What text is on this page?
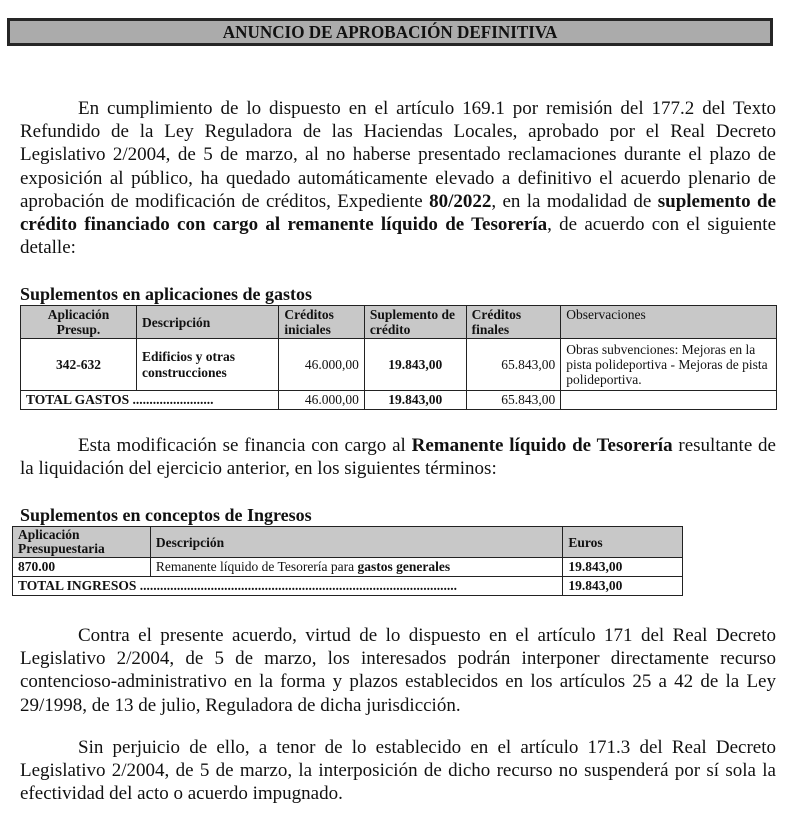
ANUNCIO DE APROBACIÓN DEFINITIVA

En cumplimiento de lo dispuesto en el artículo 169.1 por remisión del 177.2 del Texto Refundido de la Ley Reguladora de las Haciendas Locales, aprobado por el Real Decreto Legislativo 2/2004, de 5 de marzo, al no haberse presentado reclamaciones durante el plazo de exposición al público, ha quedado automáticamente elevado a definitivo el acuerdo plenario de aprobación de modificación de créditos, Expediente 80/2022, en la modalidad de suplemento de crédito financiado con cargo al remanente líquido de Tesorería, de acuerdo con el siguiente detalle:

Suplementos en aplicaciones de gastos

Aplicación Presup.	Descripción	Créditos iniciales	Suplemento de crédito	Créditos finales	Observaciones
342-632	Edificios y otras construcciones	46.000,00	19.843,00	65.843,00	Obras subvenciones: Mejoras en la pista polideportiva - Mejoras de pista polideportiva.
TOTAL GASTOS ........................		46.000,00	19.843,00	65.843,00	

Esta modificación se financia con cargo al Remanente líquido de Tesorería resultante de la liquidación del ejercicio anterior, en los siguientes términos:

Suplementos en conceptos de Ingresos

Aplicación Presupuestaria	Descripción	Euros
870.00	Remanente líquido de Tesorería para gastos generales	19.843,00
TOTAL INGRESOS ..............................................................................................		19.843,00

Contra el presente acuerdo, virtud de lo dispuesto en el artículo 171 del Real Decreto Legislativo 2/2004, de 5 de marzo, los interesados podrán interponer directamente recurso contencioso-administrativo en la forma y plazos establecidos en los artículos 25 a 42 de la Ley 29/1998, de 13 de julio, Reguladora de dicha jurisdicción.

Sin perjuicio de ello, a tenor de lo establecido en el artículo 171.3 del Real Decreto Legislativo 2/2004, de 5 de marzo, la interposición de dicho recurso no suspenderá por sí sola la efectividad del acto o acuerdo impugnado.
